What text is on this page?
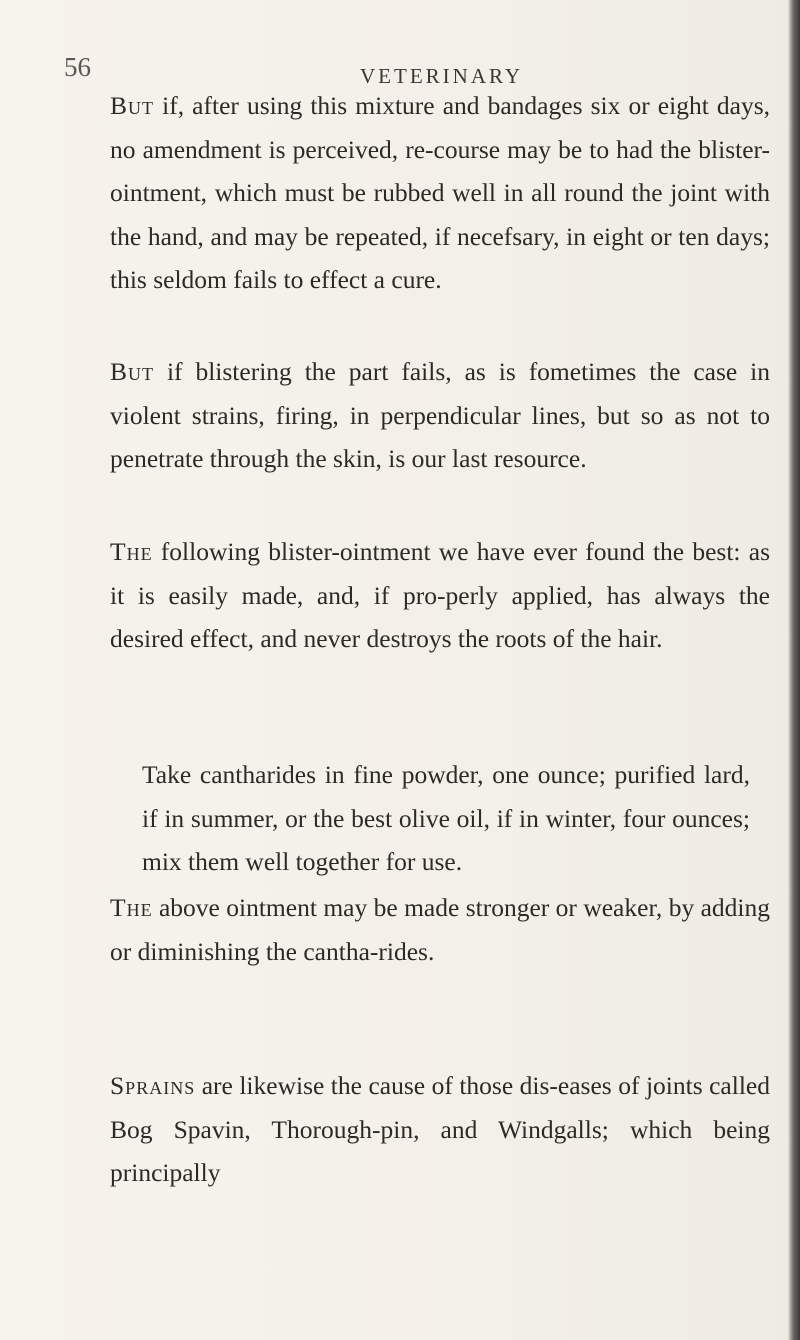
56	VETERINARY

But if, after using this mixture and bandages six or eight days, no amendment is perceived, re-course may be to had the blister-ointment, which must be rubbed well in all round the joint with the hand, and may be repeated, if necefsary, in eight or ten days; this seldom fails to effect a cure.

But if blistering the part fails, as is fometimes the case in violent strains, firing, in perpendicular lines, but so as not to penetrate through the skin, is our last resource.

The following blister-ointment we have ever found the best: as it is easily made, and, if pro-perly applied, has always the desired effect, and never destroys the roots of the hair.

Take cantharides in fine powder, one ounce; purified lard, if in summer, or the best olive oil, if in winter, four ounces; mix them well together for use.

The above ointment may be made stronger or weaker, by adding or diminishing the cantha-rides.

Sprains are likewise the cause of those dis-eases of joints called Bog Spavin, Thorough-pin, and Windgalls; which being principally
